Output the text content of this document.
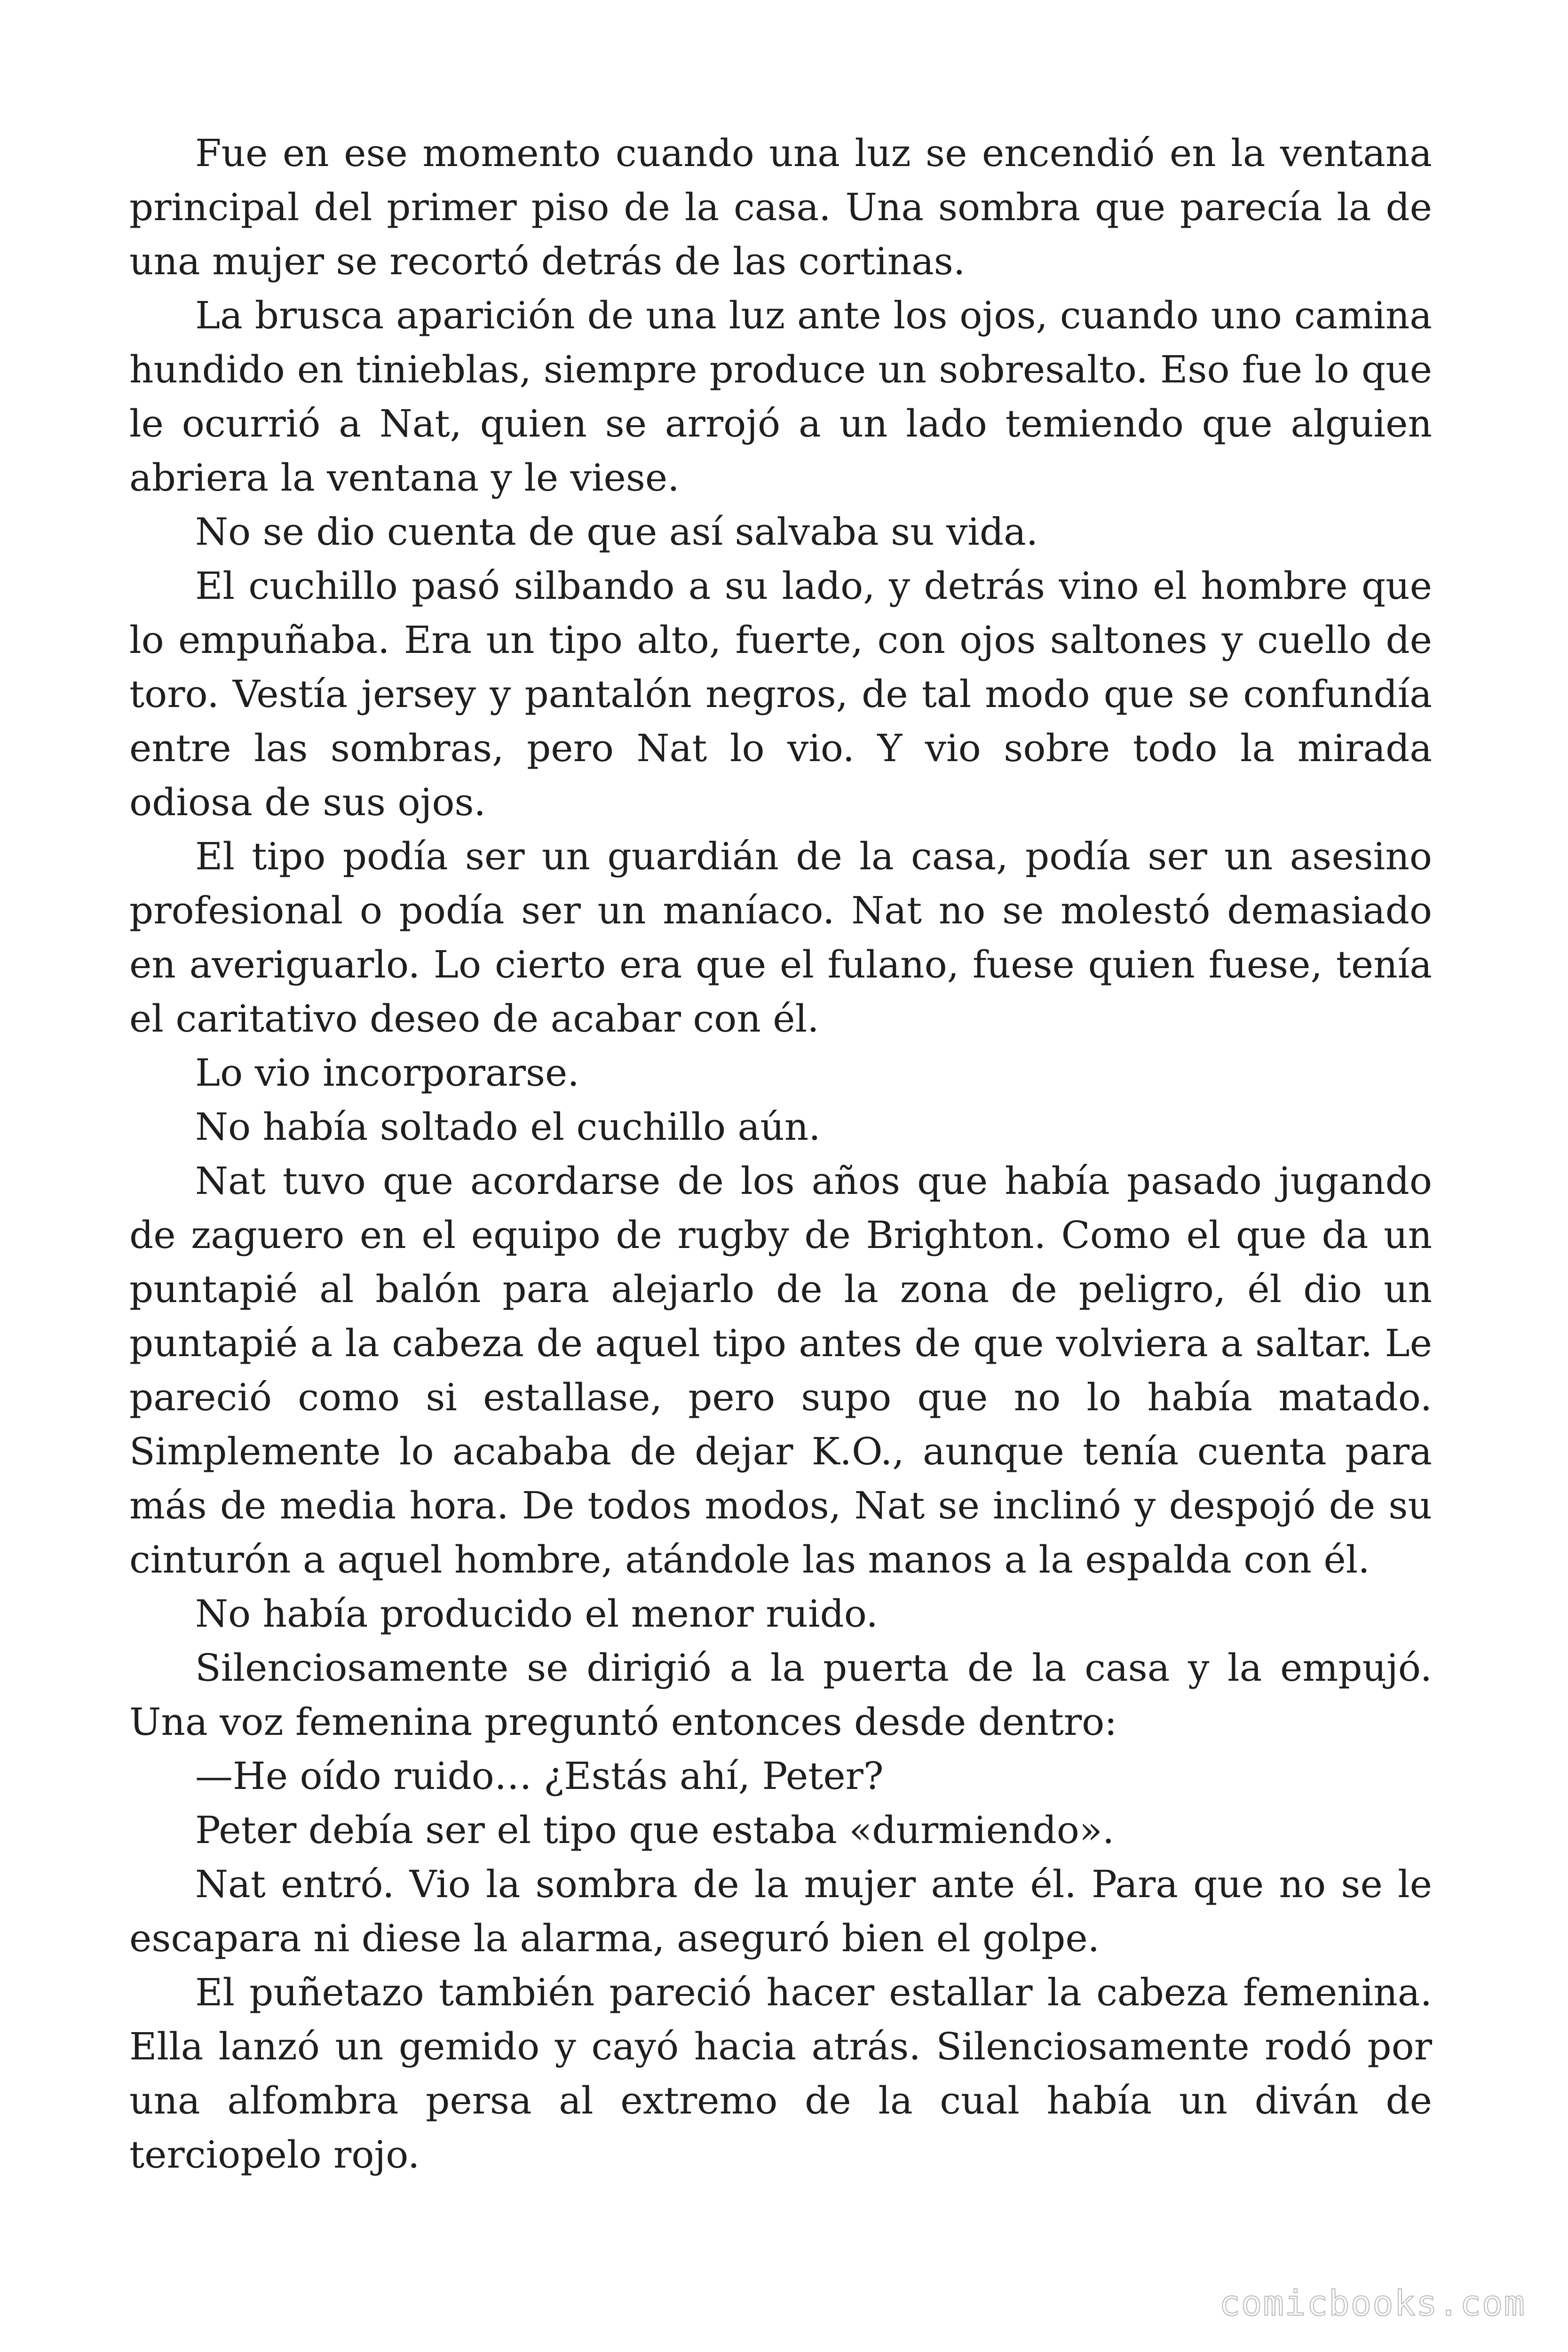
Fue en ese momento cuando una luz se encendió en la ventana principal del primer piso de la casa. Una sombra que parecía la de una mujer se recortó detrás de las cortinas.

La brusca aparición de una luz ante los ojos, cuando uno camina hundido en tinieblas, siempre produce un sobresalto. Eso fue lo que le ocurrió a Nat, quien se arrojó a un lado temiendo que alguien abriera la ventana y le viese.

No se dio cuenta de que así salvaba su vida.

El cuchillo pasó silbando a su lado, y detrás vino el hombre que lo empuñaba. Era un tipo alto, fuerte, con ojos saltones y cuello de toro. Vestía jersey y pantalón negros, de tal modo que se confundía entre las sombras, pero Nat lo vio. Y vio sobre todo la mirada odiosa de sus ojos.

El tipo podía ser un guardián de la casa, podía ser un asesino profesional o podía ser un maníaco. Nat no se molestó demasiado en averiguarlo. Lo cierto era que el fulano, fuese quien fuese, tenía el caritativo deseo de acabar con él.

Lo vio incorporarse.

No había soltado el cuchillo aún.

Nat tuvo que acordarse de los años que había pasado jugando de zaguero en el equipo de rugby de Brighton. Como el que da un puntapié al balón para alejarlo de la zona de peligro, él dio un puntapié a la cabeza de aquel tipo antes de que volviera a saltar. Le pareció como si estallase, pero supo que no lo había matado. Simplemente lo acababa de dejar K.O., aunque tenía cuenta para más de media hora. De todos modos, Nat se inclinó y despojó de su cinturón a aquel hombre, atándole las manos a la espalda con él.

No había producido el menor ruido.

Silenciosamente se dirigió a la puerta de la casa y la empujó. Una voz femenina preguntó entonces desde dentro:

—He oído ruido… ¿Estás ahí, Peter?

Peter debía ser el tipo que estaba «durmiendo».

Nat entró. Vio la sombra de la mujer ante él. Para que no se le escapara ni diese la alarma, aseguró bien el golpe.

El puñetazo también pareció hacer estallar la cabeza femenina. Ella lanzó un gemido y cayó hacia atrás. Silenciosamente rodó por una alfombra persa al extremo de la cual había un diván de terciopelo rojo.

comicbooks.com
